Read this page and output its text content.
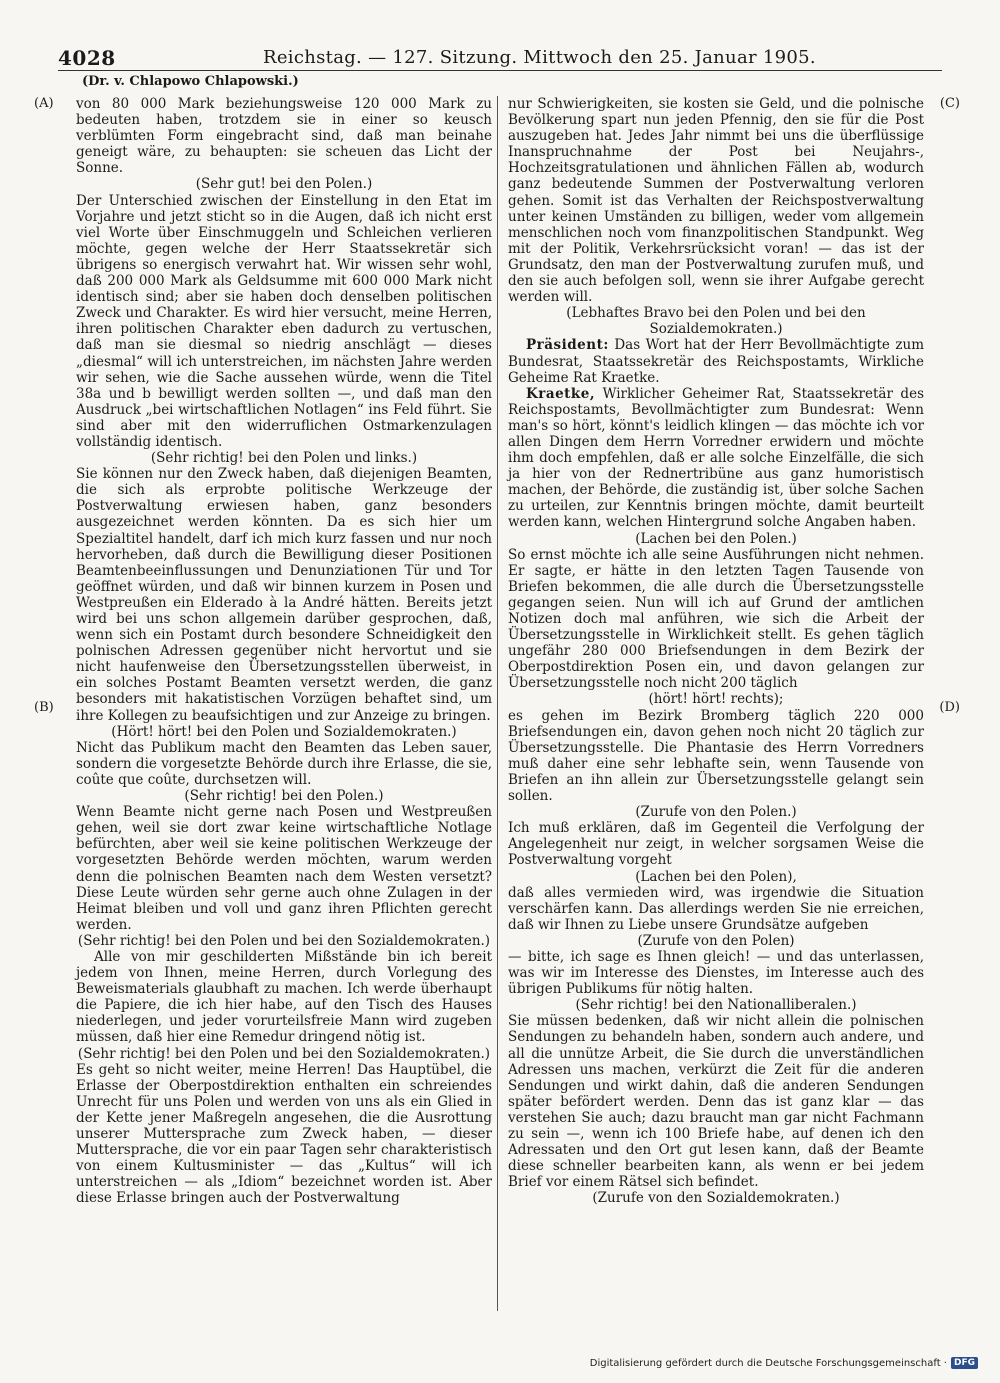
4028	Reichstag. — 127. Sitzung. Mittwoch den 25. Januar 1905.
(Dr. v. Chlapowo Chlapowski.)
(A)
(B)
(C)
(D)

von 80 000 Mark beziehungsweise 120 000 Mark zu bedeuten haben, trotzdem sie in einer so keusch verblümten Form eingebracht sind, daß man beinahe geneigt wäre, zu behaupten: sie scheuen das Licht der Sonne.

(Sehr gut! bei den Polen.)

Der Unterschied zwischen der Einstellung in den Etat im Vorjahre und jetzt sticht so in die Augen, daß ich nicht erst viel Worte über Einschmuggeln und Schleichen verlieren möchte, gegen welche der Herr Staatssekretär sich übrigens so energisch verwahrt hat. Wir wissen sehr wohl, daß 200 000 Mark als Geldsumme mit 600 000 Mark nicht identisch sind; aber sie haben doch denselben politischen Zweck und Charakter. Es wird hier versucht, meine Herren, ihren politischen Charakter eben dadurch zu vertuschen, daß man sie diesmal so niedrig anschlägt — dieses „diesmal“ will ich unterstreichen, im nächsten Jahre werden wir sehen, wie die Sache aussehen würde, wenn die Titel 38a und b bewilligt werden sollten —, und daß man den Ausdruck „bei wirtschaftlichen Notlagen“ ins Feld führt. Sie sind aber mit den widerruflichen Ostmarkenzulagen vollständig identisch.

(Sehr richtig! bei den Polen und links.)

Sie können nur den Zweck haben, daß diejenigen Beamten, die sich als erprobte politische Werkzeuge der Postverwaltung erwiesen haben, ganz besonders ausgezeichnet werden könnten. Da es sich hier um Spezialtitel handelt, darf ich mich kurz fassen und nur noch hervorheben, daß durch die Bewilligung dieser Positionen Beamtenbeeinflussungen und Denunziationen Tür und Tor geöffnet würden, und daß wir binnen kurzem in Posen und Westpreußen ein Elderado à la André hätten. Bereits jetzt wird bei uns schon allgemein darüber gesprochen, daß, wenn sich ein Postamt durch besondere Schneidigkeit den polnischen Adressen gegenüber nicht hervortut und sie nicht haufenweise den Übersetzungsstellen überweist, in ein solches Postamt Beamten versetzt werden, die ganz besonders mit hakatistischen Vorzügen behaftet sind, um ihre Kollegen zu beaufsichtigen und zur Anzeige zu bringen.

(Hört! hört! bei den Polen und Sozialdemokraten.)

Nicht das Publikum macht den Beamten das Leben sauer, sondern die vorgesetzte Behörde durch ihre Erlasse, die sie, coûte que coûte, durchsetzen will.

(Sehr richtig! bei den Polen.)

Wenn Beamte nicht gerne nach Posen und Westpreußen gehen, weil sie dort zwar keine wirtschaftliche Notlage befürchten, aber weil sie keine politischen Werkzeuge der vorgesetzten Behörde werden möchten, warum werden denn die polnischen Beamten nach dem Westen versetzt? Diese Leute würden sehr gerne auch ohne Zulagen in der Heimat bleiben und voll und ganz ihren Pflichten gerecht werden.

(Sehr richtig! bei den Polen und bei den Sozialdemokraten.)

Alle von mir geschilderten Mißstände bin ich bereit jedem von Ihnen, meine Herren, durch Vorlegung des Beweismaterials glaubhaft zu machen. Ich werde überhaupt die Papiere, die ich hier habe, auf den Tisch des Hauses niederlegen, und jeder vorurteilsfreie Mann wird zugeben müssen, daß hier eine Remedur dringend nötig ist.

(Sehr richtig! bei den Polen und bei den Sozialdemokraten.)

Es geht so nicht weiter, meine Herren! Das Hauptübel, die Erlasse der Oberpostdirektion enthalten ein schreiendes Unrecht für uns Polen und werden von uns als ein Glied in der Kette jener Maßregeln angesehen, die die Ausrottung unserer Muttersprache zum Zweck haben, — dieser Muttersprache, die vor ein paar Tagen sehr charakteristisch von einem Kultusminister — das „Kultus“ will ich unterstreichen — als „Idiom“ bezeichnet worden ist. Aber diese Erlasse bringen auch der Postverwaltung

nur Schwierigkeiten, sie kosten sie Geld, und die polnische Bevölkerung spart nun jeden Pfennig, den sie für die Post auszugeben hat. Jedes Jahr nimmt bei uns die überflüssige Inanspruchnahme der Post bei Neujahrs-, Hochzeitsgratulationen und ähnlichen Fällen ab, wodurch ganz bedeutende Summen der Postverwaltung verloren gehen. Somit ist das Verhalten der Reichspostverwaltung unter keinen Umständen zu billigen, weder vom allgemein menschlichen noch vom finanzpolitischen Standpunkt. Weg mit der Politik, Verkehrsrücksicht voran! — das ist der Grundsatz, den man der Postverwaltung zurufen muß, und den sie auch befolgen soll, wenn sie ihrer Aufgabe gerecht werden will.

(Lebhaftes Bravo bei den Polen und bei den Sozialdemokraten.)

Präsident: Das Wort hat der Herr Bevollmächtigte zum Bundesrat, Staatssekretär des Reichspostamts, Wirkliche Geheime Rat Kraetke.

Kraetke, Wirklicher Geheimer Rat, Staatssekretär des Reichspostamts, Bevollmächtigter zum Bundesrat: Wenn man's so hört, könnt's leidlich klingen — das möchte ich vor allen Dingen dem Herrn Vorredner erwidern und möchte ihm doch empfehlen, daß er alle solche Einzelfälle, die sich ja hier von der Rednertribüne aus ganz humoristisch machen, der Behörde, die zuständig ist, über solche Sachen zu urteilen, zur Kenntnis bringen möchte, damit beurteilt werden kann, welchen Hintergrund solche Angaben haben.

(Lachen bei den Polen.)

So ernst möchte ich alle seine Ausführungen nicht nehmen. Er sagte, er hätte in den letzten Tagen Tausende von Briefen bekommen, die alle durch die Übersetzungsstelle gegangen seien. Nun will ich auf Grund der amtlichen Notizen doch mal anführen, wie sich die Arbeit der Übersetzungsstelle in Wirklichkeit stellt. Es gehen täglich ungefähr 280 000 Briefsendungen in dem Bezirk der Oberpostdirektion Posen ein, und davon gelangen zur Übersetzungsstelle noch nicht 200 täglich

(hört! hört! rechts);

es gehen im Bezirk Bromberg täglich 220 000 Briefsendungen ein, davon gehen noch nicht 20 täglich zur Übersetzungsstelle. Die Phantasie des Herrn Vorredners muß daher eine sehr lebhafte sein, wenn Tausende von Briefen an ihn allein zur Übersetzungsstelle gelangt sein sollen.

(Zurufe von den Polen.)

Ich muß erklären, daß im Gegenteil die Verfolgung der Angelegenheit nur zeigt, in welcher sorgsamen Weise die Postverwaltung vorgeht

(Lachen bei den Polen),

daß alles vermieden wird, was irgendwie die Situation verschärfen kann. Das allerdings werden Sie nie erreichen, daß wir Ihnen zu Liebe unsere Grundsätze aufgeben

(Zurufe von den Polen)

— bitte, ich sage es Ihnen gleich! — und das unterlassen, was wir im Interesse des Dienstes, im Interesse auch des übrigen Publikums für nötig halten.

(Sehr richtig! bei den Nationalliberalen.)

Sie müssen bedenken, daß wir nicht allein die polnischen Sendungen zu behandeln haben, sondern auch andere, und all die unnütze Arbeit, die Sie durch die unverständlichen Adressen uns machen, verkürzt die Zeit für die anderen Sendungen und wirkt dahin, daß die anderen Sendungen später befördert werden. Denn das ist ganz klar — das verstehen Sie auch; dazu braucht man gar nicht Fachmann zu sein —, wenn ich 100 Briefe habe, auf denen ich den Adressaten und den Ort gut lesen kann, daß der Beamte diese schneller bearbeiten kann, als wenn er bei jedem Brief vor einem Rätsel sich befindet.

(Zurufe von den Sozialdemokraten.)

Digitalisierung gefördert durch die Deutsche Forschungsgemeinschaft · DFG
